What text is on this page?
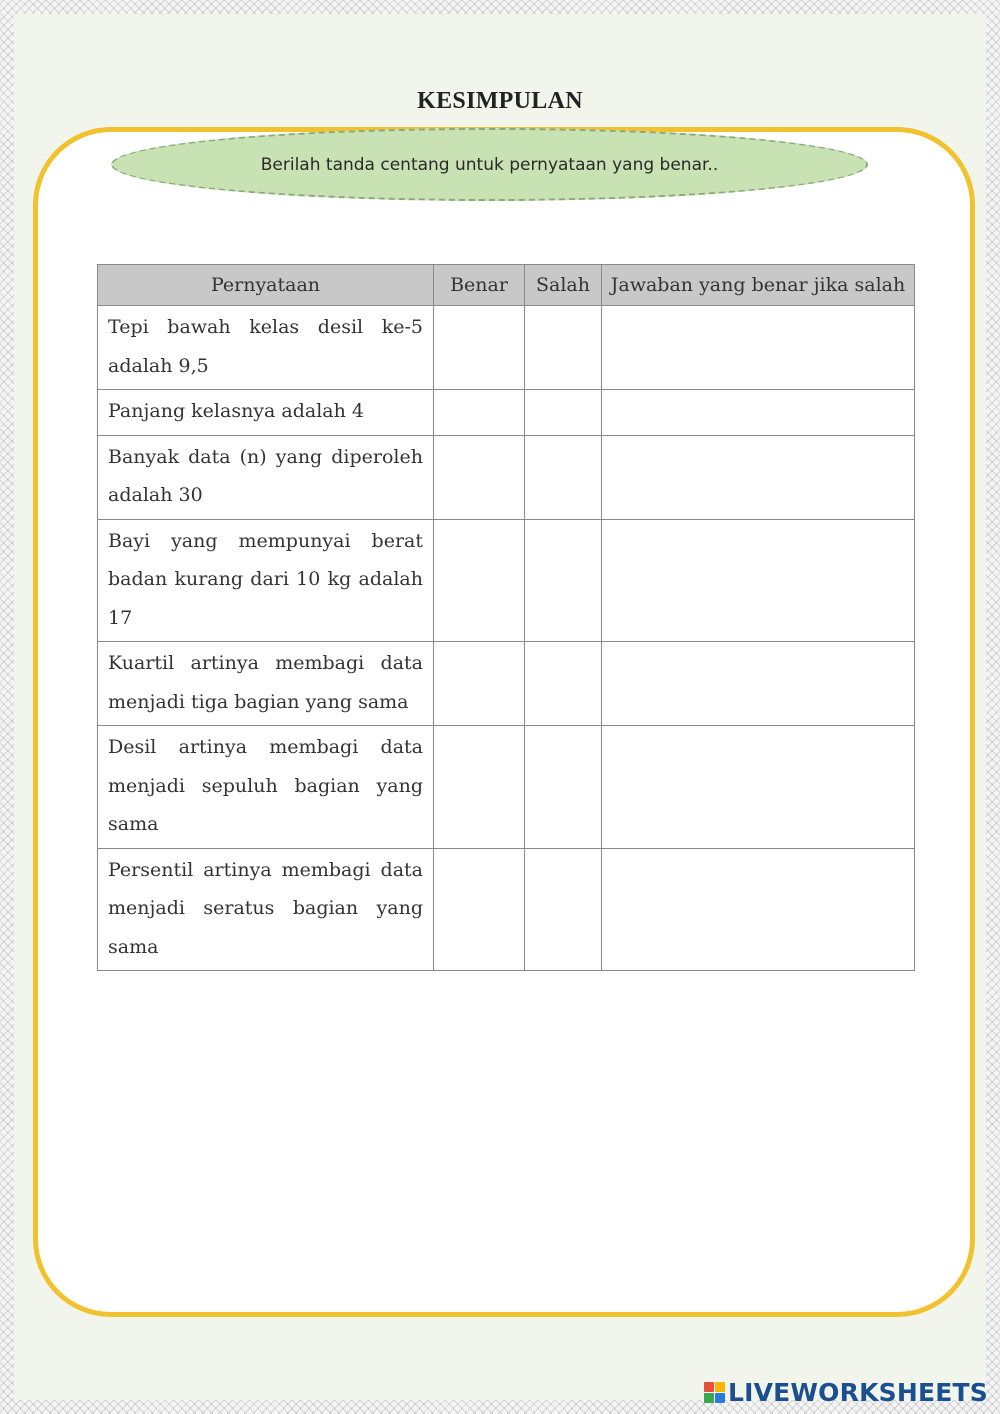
KESIMPULAN
Berilah tanda centang untuk pernyataan yang benar..
Pernyataan	Benar	Salah	Jawaban yang benar jika salah
Tepi bawah kelas desil ke-5 adalah 9,5			
Panjang kelasnya adalah 4			
Banyak data (n) yang diperoleh adalah 30			
Bayi yang mempunyai berat badan kurang dari 10 kg adalah 17			
Kuartil artinya membagi data menjadi tiga bagian yang sama			
Desil artinya membagi data menjadi sepuluh bagian yang sama			
Persentil artinya membagi data menjadi seratus bagian yang sama			
LIVEWORKSHEETS
